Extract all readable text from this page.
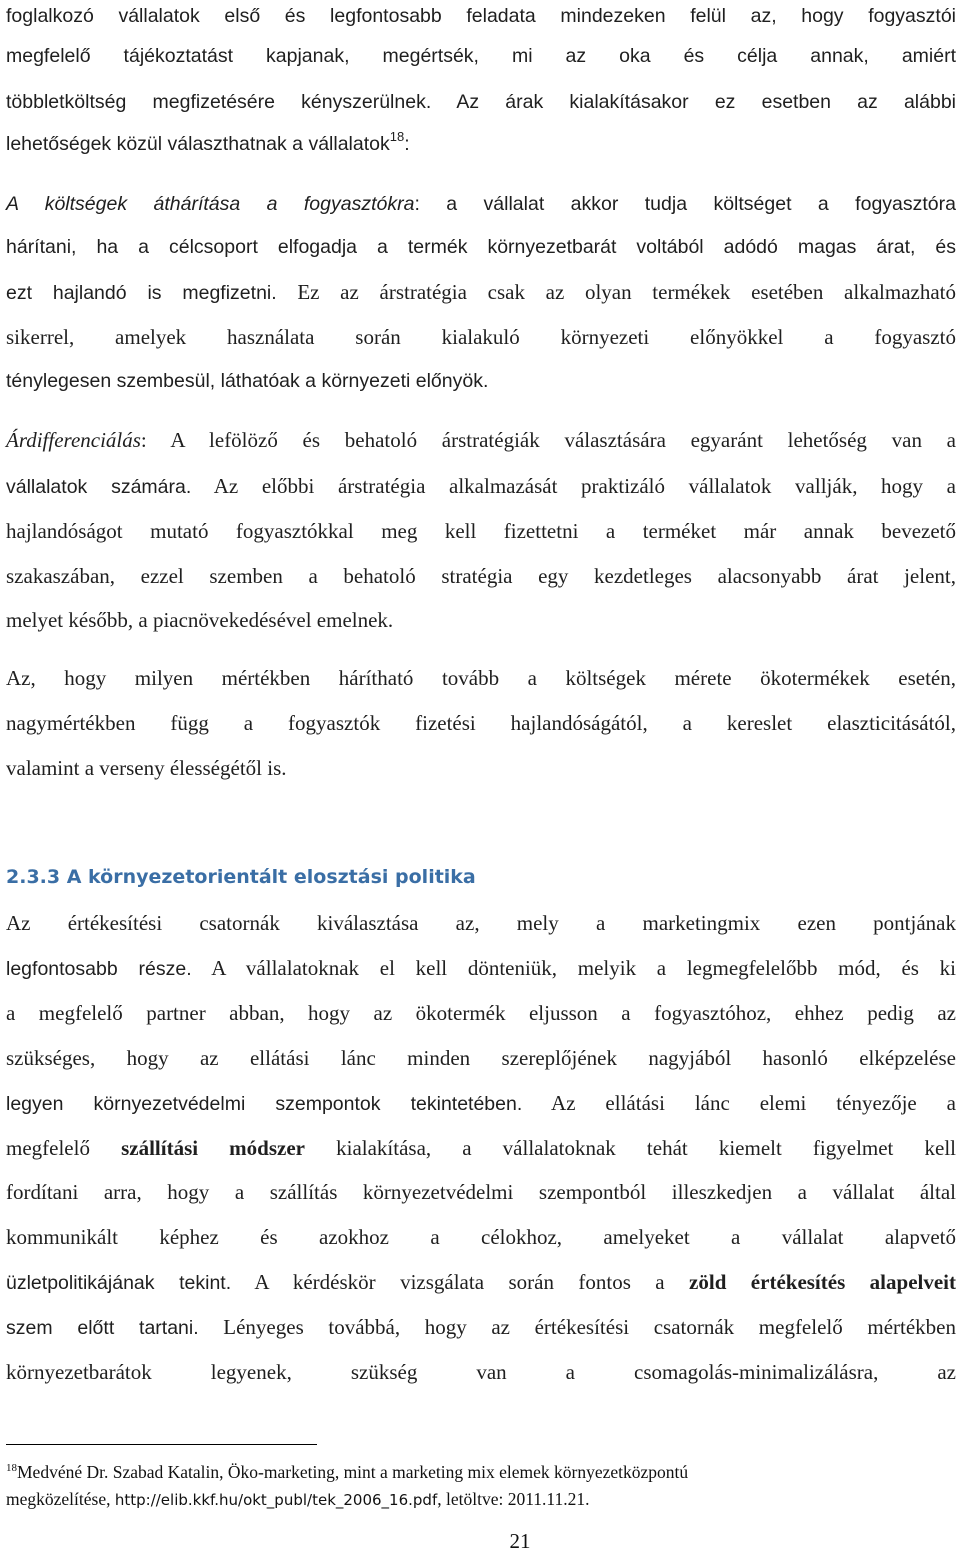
foglalkozó vállalatok első és legfontosabb feladata mindezeken felül az, hogy fogyasztói

megfelelő tájékoztatást kapjanak, megértsék, mi az oka és célja annak, amiért

többletköltség megfizetésére kényszerülnek. Az árak kialakításakor ez esetben az alábbi

lehetőségek közül választhatnak a vállalatok$^{18}$:

A költségek áthárítása a fogyasztókra: a vállalat akkor tudja költséget a fogyasztóra

hárítani, ha a célcsoport elfogadja a termék környezetbarát voltából adódó magas árat, és

ezt hajlandó is megfizetni. Ez az árstratégia csak az olyan termékek esetében alkalmazható

sikerrel, amelyek használata során kialakuló környezeti előnyökkel a fogyasztó

ténylegesen szembesül, láthatóak a környezeti előnyök.

Árdifferenciálás: A lefölöző és behatoló árstratégiák választására egyaránt lehetőség van a

vállalatok számára. Az előbbi árstratégia alkalmazását praktizáló vállalatok vallják, hogy a

hajlandóságot mutató fogyasztókkal meg kell fizettetni a terméket már annak bevezető

szakaszában, ezzel szemben a behatoló stratégia egy kezdetleges alacsonyabb árat jelent,

melyet később, a piacnövekedésével emelnek.

Az, hogy milyen mértékben hárítható tovább a költségek mérete ökotermékek esetén,

nagymértékben függ a fogyasztók fizetési hajlandóságától, a kereslet elaszticitásától,

valamint a verseny élességétől is.

2.3.3 A környezetorientált elosztási politika

Az értékesítési csatornák kiválasztása az, mely a marketingmix ezen pontjának

legfontosabb része. A vállalatoknak el kell dönteniük, melyik a legmegfelelőbb mód, és ki

a megfelelő partner abban, hogy az ökotermék eljusson a fogyasztóhoz, ehhez pedig az

szükséges, hogy az ellátási lánc minden szereplőjének nagyjából hasonló elképzelése

legyen környezetvédelmi szempontok tekintetében. Az ellátási lánc elemi tényezője a

megfelelő szállítási módszer kialakítása, a vállalatoknak tehát kiemelt figyelmet kell

fordítani arra, hogy a szállítás környezetvédelmi szempontból illeszkedjen a vállalat által

kommunikált képhez és azokhoz a célokhoz, amelyeket a vállalat alapvető

üzletpolitikájának tekint. A kérdéskör vizsgálata során fontos a zöld értékesítés alapelveit

szem előtt tartani. Lényeges továbbá, hogy az értékesítési csatornák megfelelő mértékben

környezetbarátok legyenek, szükség van a csomagolás-minimalizálásra, az

$^{18}$Medvéné Dr. Szabad Katalin, Öko-marketing, mint a marketing mix elemek környezetközpontú

megközelítése, http://elib.kkf.hu/okt_publ/tek_2006_16.pdf, letöltve: 2011.11.21.

21
